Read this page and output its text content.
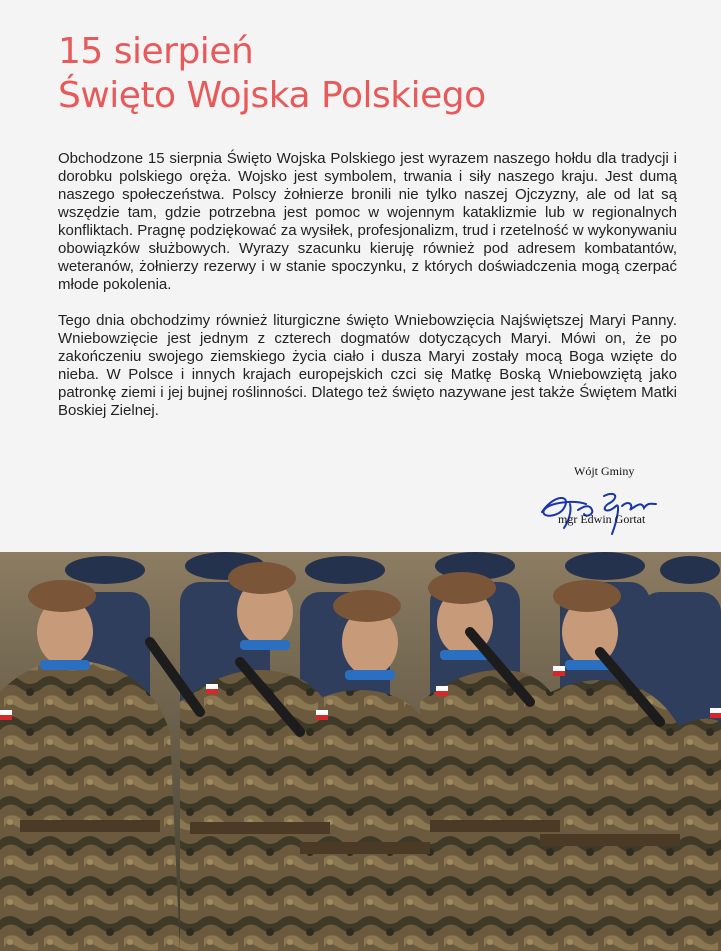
15 sierpień
Święto Wojska Polskiego

Obchodzone 15 sierpnia Święto Wojska Polskiego jest wyrazem naszego hołdu dla tradycji i dorobku polskiego oręża. Wojsko jest symbolem, trwania i siły naszego kraju. Jest dumą naszego społeczeństwa. Polscy żołnierze bronili nie tylko naszej Ojczyzny, ale od lat są wszędzie tam, gdzie potrzebna jest pomoc w wojennym kataklizmie lub w regionalnych konfliktach. Pragnę podziękować za wysiłek, profesjonalizm, trud i rzetelność w wykonywaniu obowiązków służbowych. Wyrazy szacunku kieruję również pod adresem kombatantów, weteranów, żołnierzy rezerwy i w stanie spoczynku, z których doświadczenia mogą czerpać młode pokolenia.

Tego dnia obchodzimy również liturgiczne święto Wniebowzięcia Najświętszej Maryi Panny. Wniebowzięcie jest jednym z czterech dogmatów dotyczących Maryi. Mówi on, że po zakończeniu swojego ziemskiego życia ciało i dusza Maryi zostały mocą Boga wzięte do nieba. W Polsce i innych krajach europejskich czci się Matkę Boską Wniebowziętą jako patronkę ziemi i jej bujnej roślinności. Dlatego też święto nazywane jest także Świętem Matki Boskiej Zielnej.

Wójt Gminy
mgr Edwin Gortat
